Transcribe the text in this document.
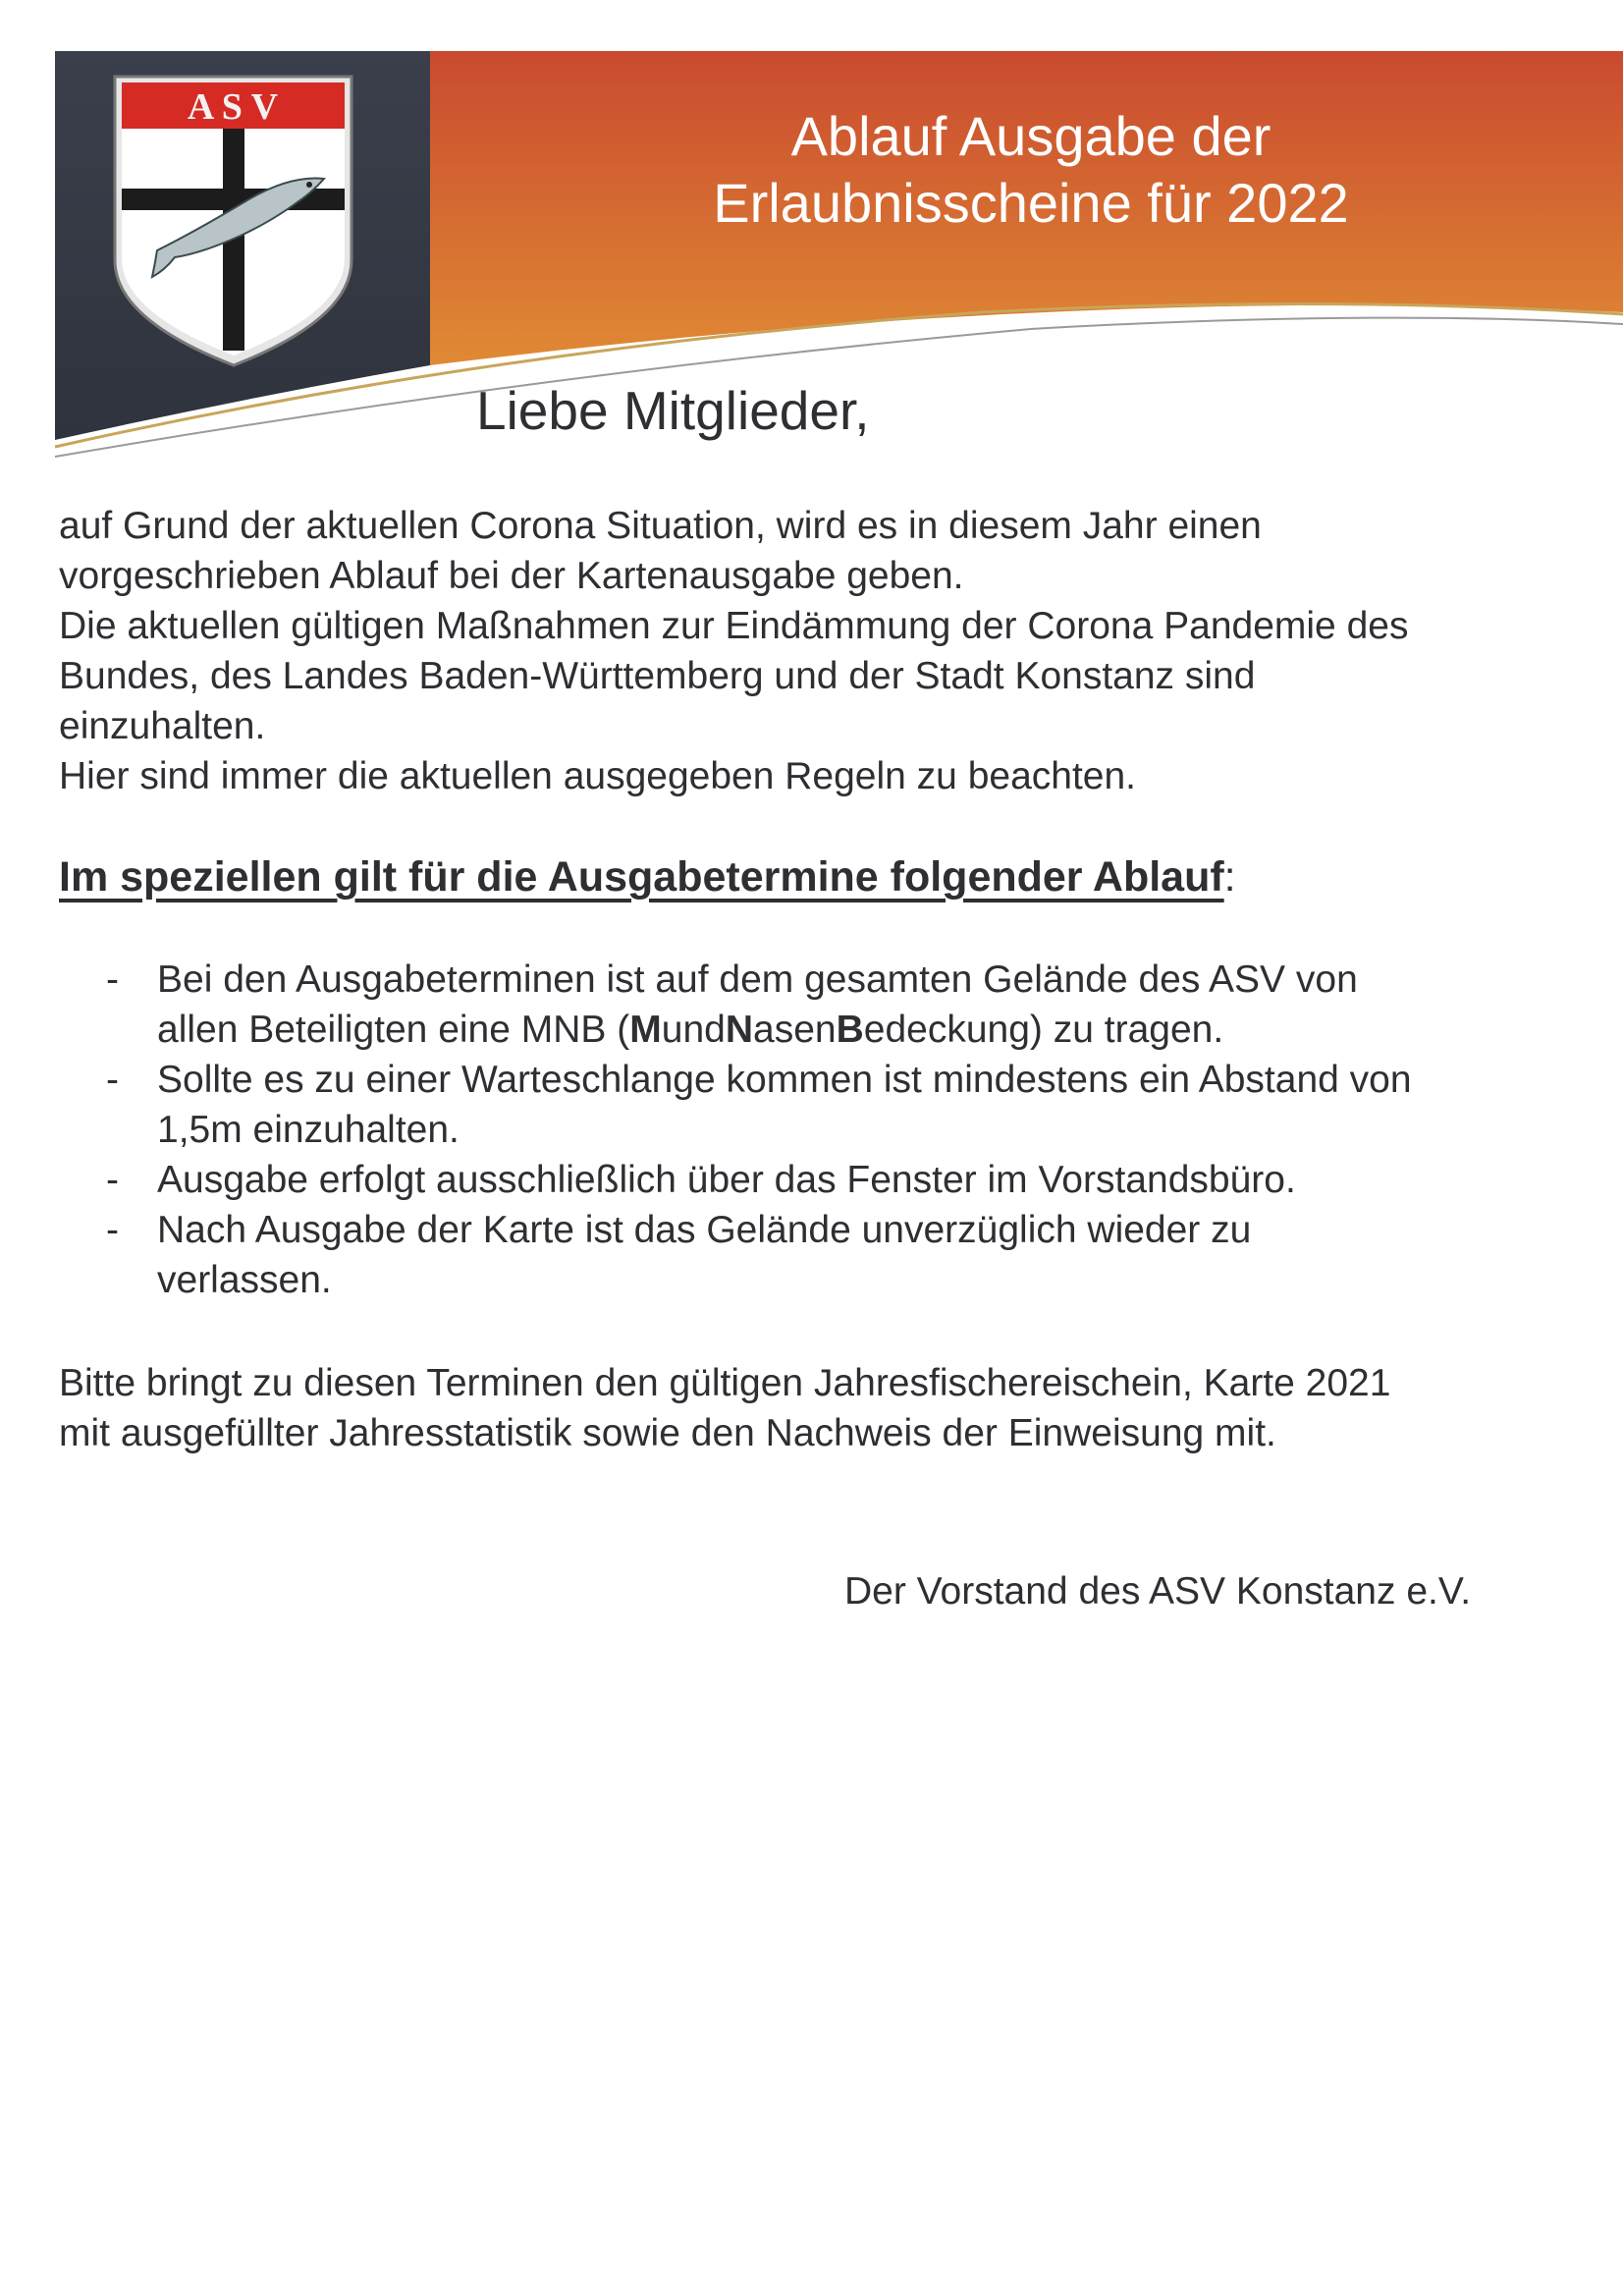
A S V	Ablauf Ausgabe der
Erlaubnisscheine für 2022
Liebe Mitglieder,

auf Grund der aktuellen Corona Situation, wird es in diesem Jahr einen
vorgeschrieben Ablauf bei der Kartenausgabe geben.
Die aktuellen gültigen Maßnahmen zur Eindämmung der Corona Pandemie des
Bundes, des Landes Baden-Württemberg und der Stadt Konstanz sind
einzuhalten.
Hier sind immer die aktuellen ausgegeben Regeln zu beachten.

Im speziellen gilt für die Ausgabetermine folgender Ablauf:
- Bei den Ausgabeterminen ist auf dem gesamten Gelände des ASV von
allen Beteiligten eine MNB (MundNasenBedeckung) zu tragen.
- Sollte es zu einer Warteschlange kommen ist mindestens ein Abstand von
1,5m einzuhalten.
- Ausgabe erfolgt ausschließlich über das Fenster im Vorstandsbüro.
- Nach Ausgabe der Karte ist das Gelände unverzüglich wieder zu
verlassen.

Bitte bringt zu diesen Terminen den gültigen Jahresfischereischein, Karte 2021
mit ausgefüllter Jahresstatistik sowie den Nachweis der Einweisung mit.

Der Vorstand des ASV Konstanz e.V.
